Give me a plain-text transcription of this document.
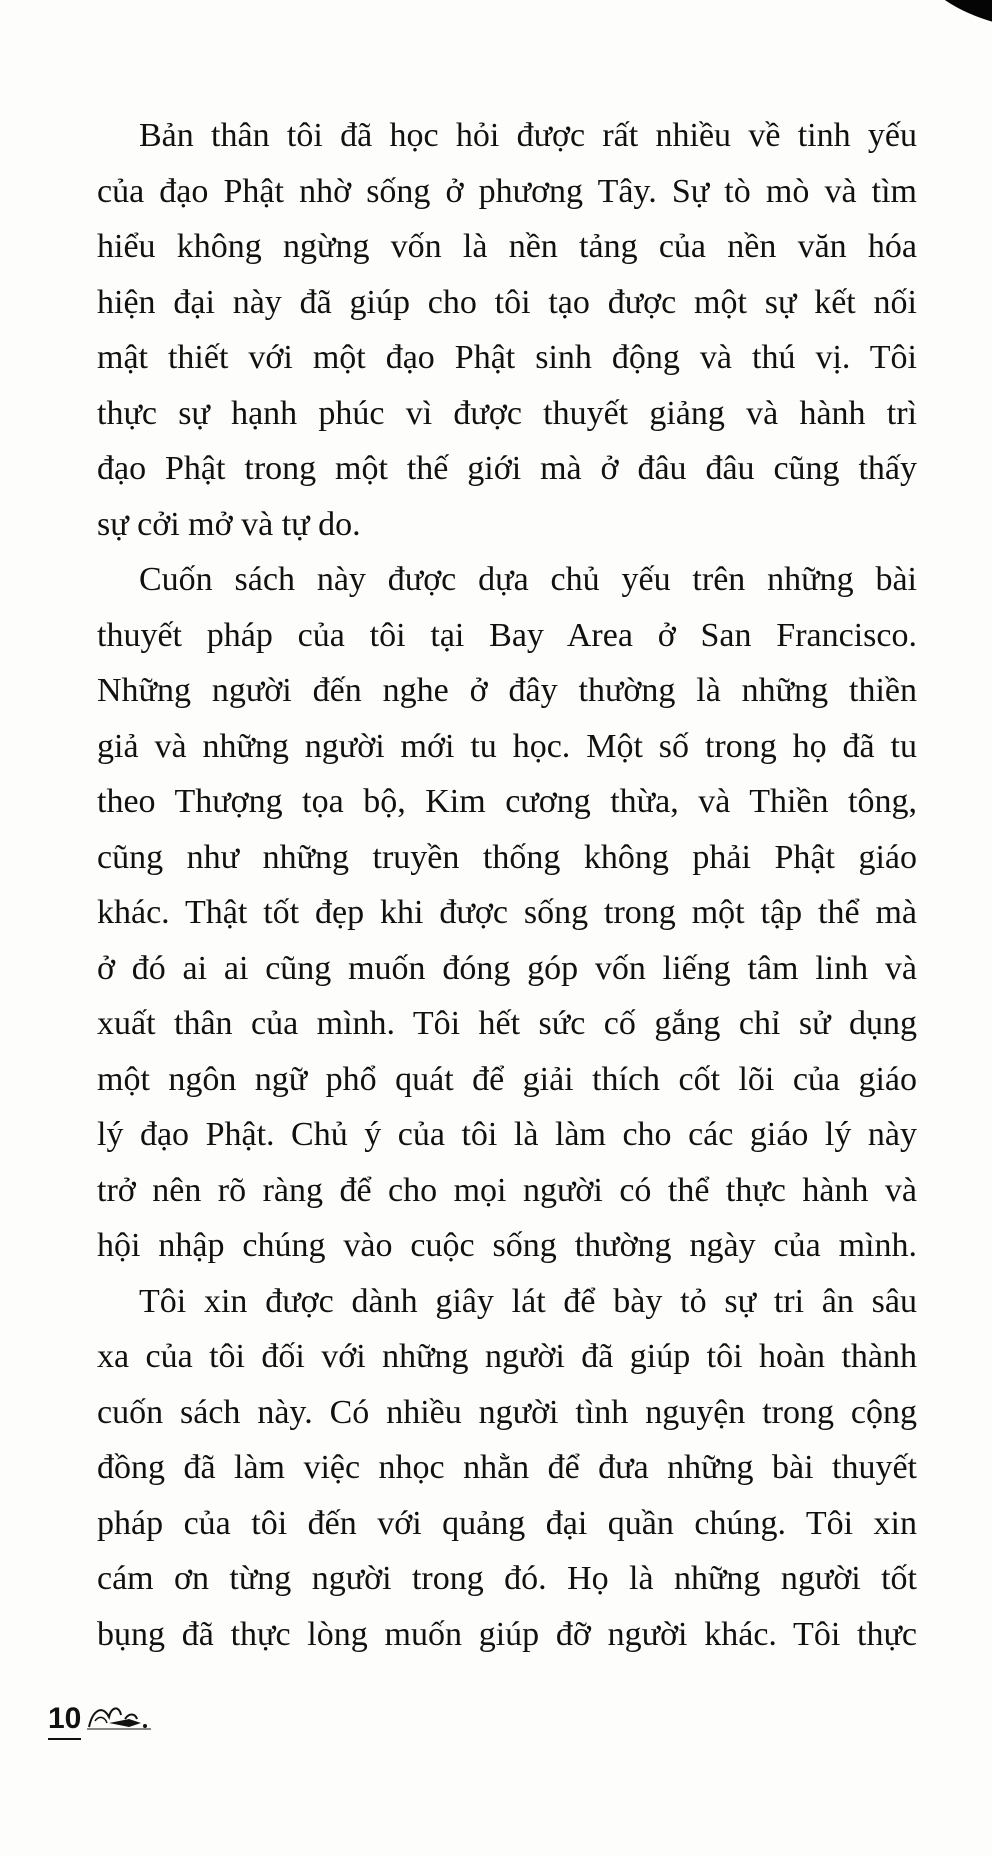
Bản thân tôi đã học hỏi được rất nhiều về tinh yếu
của đạo Phật nhờ sống ở phương Tây. Sự tò mò và tìm
hiểu không ngừng vốn là nền tảng của nền văn hóa
hiện đại này đã giúp cho tôi tạo được một sự kết nối
mật thiết với một đạo Phật sinh động và thú vị. Tôi
thực sự hạnh phúc vì được thuyết giảng và hành trì
đạo Phật trong một thế giới mà ở đâu đâu cũng thấy
sự cởi mở và tự do.
Cuốn sách này được dựa chủ yếu trên những bài
thuyết pháp của tôi tại Bay Area ở San Francisco.
Những người đến nghe ở đây thường là những thiền
giả và những người mới tu học. Một số trong họ đã tu
theo Thượng tọa bộ, Kim cương thừa, và Thiền tông,
cũng như những truyền thống không phải Phật giáo
khác. Thật tốt đẹp khi được sống trong một tập thể mà
ở đó ai ai cũng muốn đóng góp vốn liếng tâm linh và
xuất thân của mình. Tôi hết sức cố gắng chỉ sử dụng
một ngôn ngữ phổ quát để giải thích cốt lõi của giáo
lý đạo Phật. Chủ ý của tôi là làm cho các giáo lý này
trở nên rõ ràng để cho mọi người có thể thực hành và
hội nhập chúng vào cuộc sống thường ngày của mình.
Tôi xin được dành giây lát để bày tỏ sự tri ân sâu
xa của tôi đối với những người đã giúp tôi hoàn thành
cuốn sách này. Có nhiều người tình nguyện trong cộng
đồng đã làm việc nhọc nhằn để đưa những bài thuyết
pháp của tôi đến với quảng đại quần chúng. Tôi xin
cám ơn từng người trong đó. Họ là những người tốt
bụng đã thực lòng muốn giúp đỡ người khác. Tôi thực
10
